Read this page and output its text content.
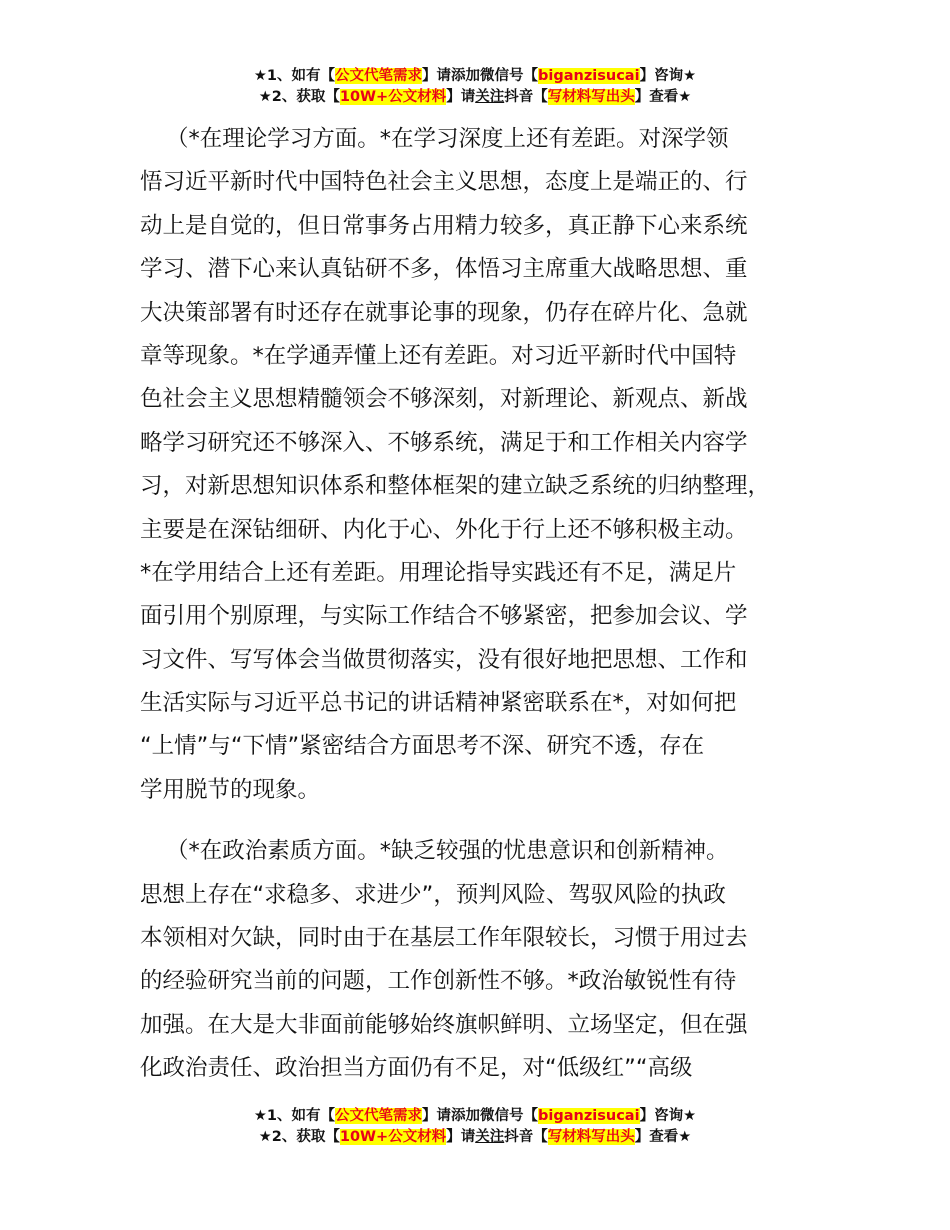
★1、如有【公文代笔需求】请添加微信号【biganzisucai】咨询★
★2、获取【10W+公文材料】请关注抖音【写材料写出头】查看★
（*在理论学习方面。*在学习深度上还有差距。对深学领
悟习近平新时代中国特色社会主义思想，态度上是端正的、行
动上是自觉的，但日常事务占用精力较多，真正静下心来系统
学习、潜下心来认真钻研不多，体悟习主席重大战略思想、重
大决策部署有时还存在就事论事的现象，仍存在碎片化、急就
章等现象。*在学通弄懂上还有差距。对习近平新时代中国特
色社会主义思想精髓领会不够深刻，对新理论、新观点、新战
略学习研究还不够深入、不够系统，满足于和工作相关内容学
习，对新思想知识体系和整体框架的建立缺乏系统的归纳整理，
主要是在深钻细研、内化于心、外化于行上还不够积极主动。
*在学用结合上还有差距。用理论指导实践还有不足，满足片
面引用个别原理，与实际工作结合不够紧密，把参加会议、学
习文件、写写体会当做贯彻落实，没有很好地把思想、工作和
生活实际与习近平总书记的讲话精神紧密联系在*，对如何把
“上情”与“下情”紧密结合方面思考不深、研究不透，存在
学用脱节的现象。
（*在政治素质方面。*缺乏较强的忧患意识和创新精神。
思想上存在“求稳多、求进少”，预判风险、驾驭风险的执政
本领相对欠缺，同时由于在基层工作年限较长，习惯于用过去
的经验研究当前的问题，工作创新性不够。*政治敏锐性有待
加强。在大是大非面前能够始终旗帜鲜明、立场坚定，但在强
化政治责任、政治担当方面仍有不足，对“低级红”“高级
★1、如有【公文代笔需求】请添加微信号【biganzisucai】咨询★
★2、获取【10W+公文材料】请关注抖音【写材料写出头】查看★
